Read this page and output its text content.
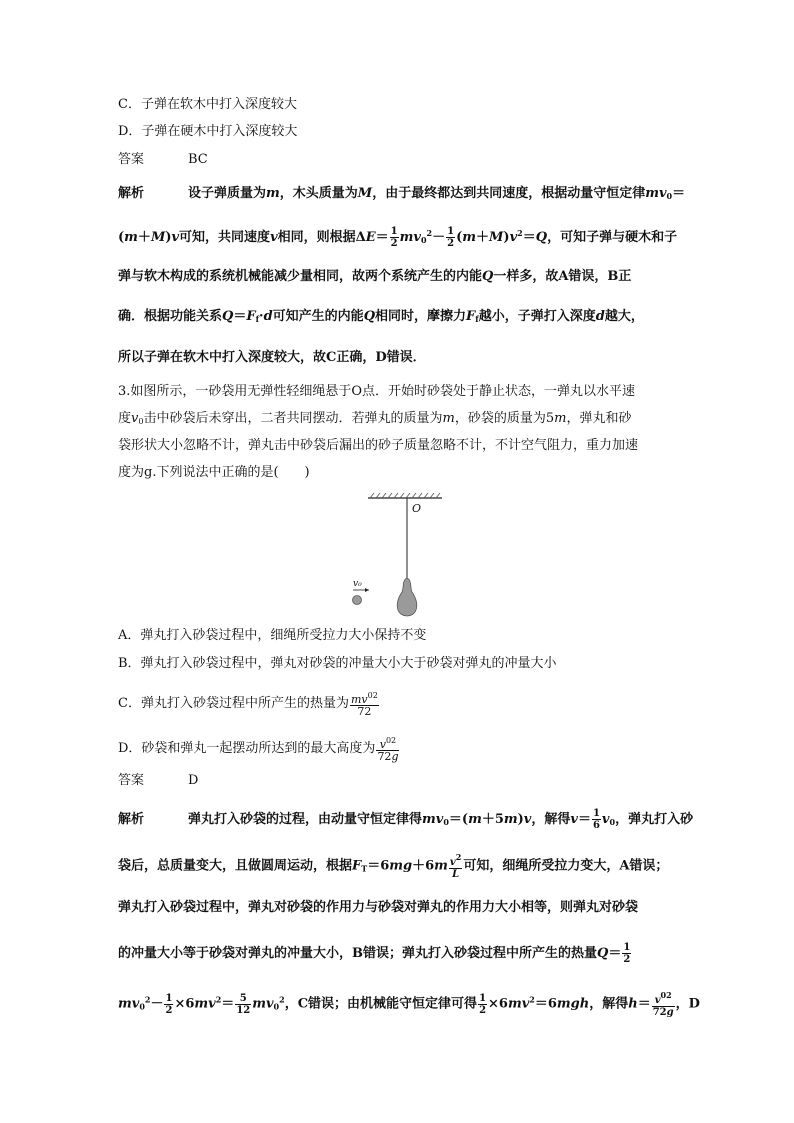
C．子弹在软木中打入深度较大
D．子弹在硬木中打入深度较大
答案	BC
解析	设子弹质量为m，木头质量为M，由于最终都达到共同速度，根据动量守恒定律$mv_0=$
(m＋M)v可知，共同速度v相同，则根据$\Delta E= \frac{1}{2} mv_0^2- \frac{1}{2} (m+M)v^2=Q$，可知子弹与硬木和子
弹与软木构成的系统机械能减少量相同，故两个系统产生的内能Q一样多，故A错误，B正
确．根据功能关系$Q=F_f\cdot d$可知产生的内能Q相同时，摩擦力$F_f$越小，子弹打入深度d越大，
所以子弹在软木中打入深度较大，故C正确，D错误．
3.如图所示，一砂袋用无弹性轻细绳悬于O点．开始时砂袋处于静止状态，一弹丸以水平速
度$v_0$击中砂袋后未穿出，二者共同摆动．若弹丸的质量为m，砂袋的质量为5m，弹丸和砂
袋形状大小忽略不计，弹丸击中砂袋后漏出的砂子质量忽略不计，不计空气阻力，重力加速
度为g.下列说法中正确的是(　　)
O
v₀
A．弹丸打入砂袋过程中，细绳所受拉力大小保持不变
B．弹丸打入砂袋过程中，弹丸对砂袋的冲量大小大于砂袋对弹丸的冲量大小
C．弹丸打入砂袋过程中所产生的热量为 $\frac{mv^{02}}{72}$
D．砂袋和弹丸一起摆动所达到的最大高度为 $\frac{v^{02}}{72g}$
答案	D
解析	弹丸打入砂袋的过程，由动量守恒定律得$mv_0=(m+5m)v$，解得$v= \frac{1}{6} v_0$，弹丸打入砂
袋后，总质量变大，且做圆周运动，根据$F_T=6mg+6m \frac{v^2}{L}$ 可知，细绳所受拉力变大，A错误；
弹丸打入砂袋过程中，弹丸对砂袋的作用力与砂袋对弹丸的作用力大小相等，则弹丸对砂袋
的冲量大小等于砂袋对弹丸的冲量大小，B错误；弹丸打入砂袋过程中所产生的热量$Q= \frac{1}{2}$
$mv_0^2- \frac{1}{2} \times 6mv^2= \frac{5}{12} mv_0^2$，C错误；由机械能守恒定律可得 $\frac{1}{2} \times 6mv^2=6mgh$，解得$h= \frac{v^{02}}{72g}$ ，D
